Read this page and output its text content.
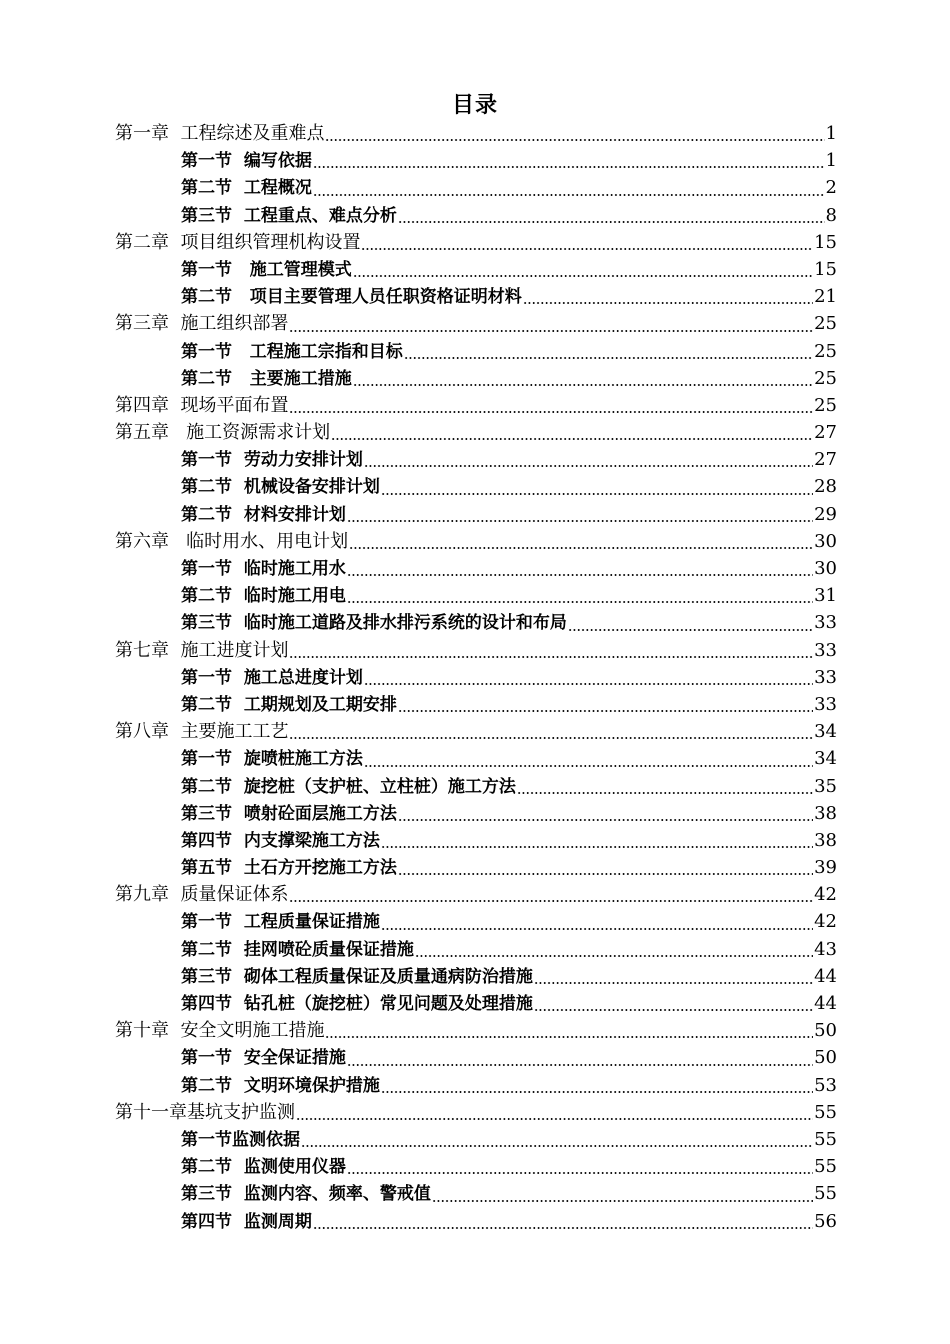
目录
第一章  工程综述及重难点	1
第一节  编写依据	1
第二节  工程概况	2
第三节  工程重点、难点分析	8
第二章  项目组织管理机构设置	15
第一节   施工管理模式	15
第二节   项目主要管理人员任职资格证明材料	21
第三章  施工组织部署	25
第一节   工程施工宗指和目标	25
第二节   主要施工措施	25
第四章  现场平面布置	25
第五章   施工资源需求计划	27
第一节  劳动力安排计划	27
第二节  机械设备安排计划	28
第二节  材料安排计划	29
第六章   临时用水、用电计划	30
第一节  临时施工用水	30
第二节  临时施工用电	31
第三节  临时施工道路及排水排污系统的设计和布局	33
第七章  施工进度计划	33
第一节  施工总进度计划	33
第二节  工期规划及工期安排	33
第八章  主要施工工艺	34
第一节  旋喷桩施工方法	34
第二节  旋挖桩（支护桩、立柱桩）施工方法	35
第三节  喷射砼面层施工方法	38
第四节  内支撑梁施工方法	38
第五节  土石方开挖施工方法	39
第九章  质量保证体系	42
第一节  工程质量保证措施	42
第二节  挂网喷砼质量保证措施	43
第三节  砌体工程质量保证及质量通病防治措施	44
第四节  钻孔桩（旋挖桩）常见问题及处理措施	44
第十章  安全文明施工措施	50
第一节  安全保证措施	50
第二节  文明环境保护措施	53
第十一章基坑支护监测	55
第一节监测依据	55
第二节  监测使用仪器	55
第三节  监测内容、频率、警戒值	55
第四节  监测周期	56
